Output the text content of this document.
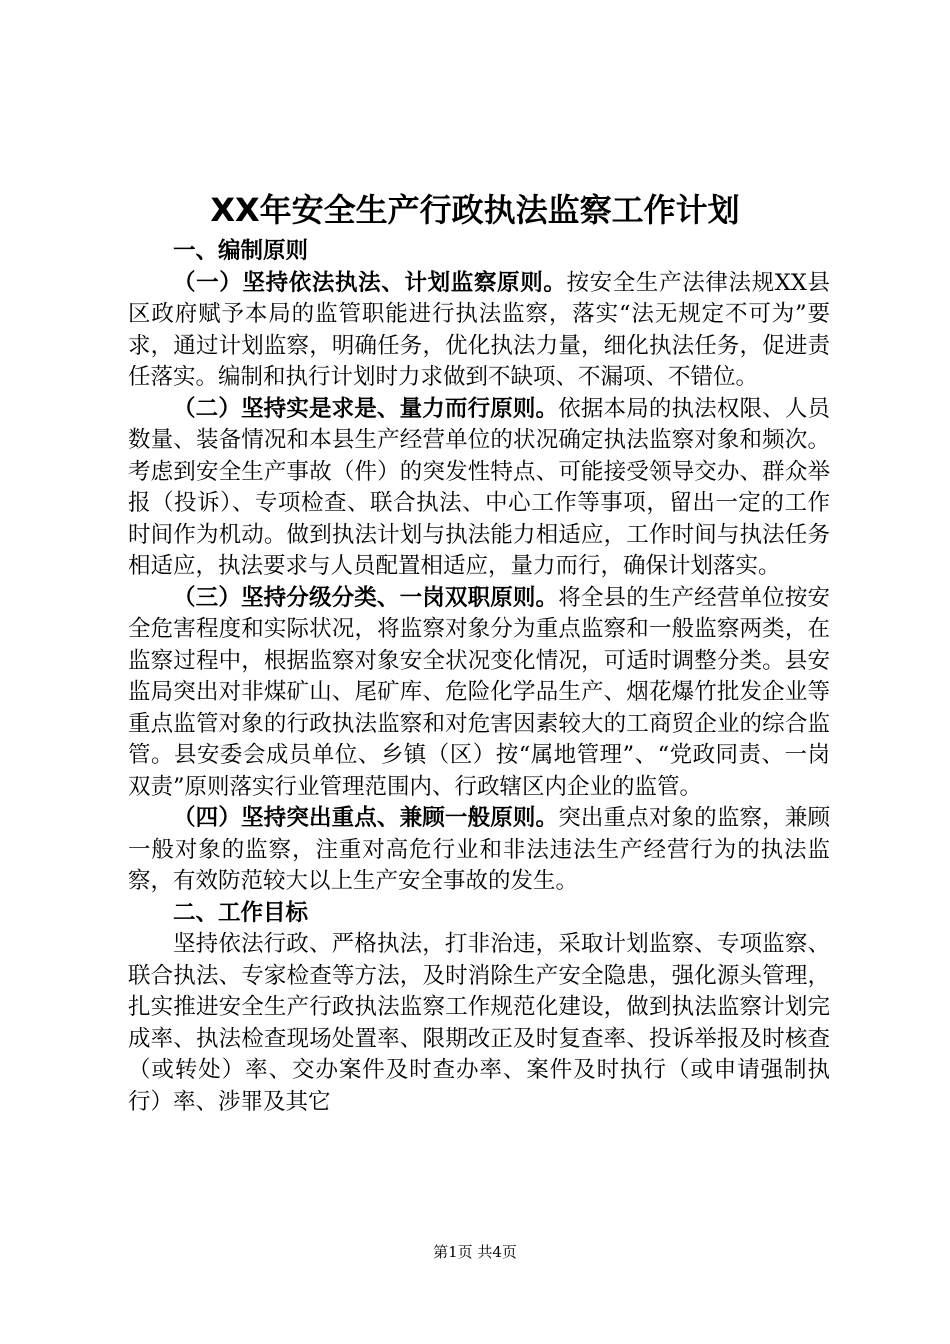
XX年安全生产行政执法监察工作计划

一、编制原则

（一）坚持依法执法、计划监察原则。按安全生产法律法规XX县区政府赋予本局的监管职能进行执法监察，落实“法无规定不可为”要求，通过计划监察，明确任务，优化执法力量，细化执法任务，促进责任落实。编制和执行计划时力求做到不缺项、不漏项、不错位。

（二）坚持实是求是、量力而行原则。依据本局的执法权限、人员数量、装备情况和本县生产经营单位的状况确定执法监察对象和频次。考虑到安全生产事故（件）的突发性特点、可能接受领导交办、群众举报（投诉）、专项检查、联合执法、中心工作等事项，留出一定的工作时间作为机动。做到执法计划与执法能力相适应，工作时间与执法任务相适应，执法要求与人员配置相适应，量力而行，确保计划落实。

（三）坚持分级分类、一岗双职原则。将全县的生产经营单位按安全危害程度和实际状况，将监察对象分为重点监察和一般监察两类，在监察过程中，根据监察对象安全状况变化情况，可适时调整分类。县安监局突出对非煤矿山、尾矿库、危险化学品生产、烟花爆竹批发企业等重点监管对象的行政执法监察和对危害因素较大的工商贸企业的综合监管。县安委会成员单位、乡镇（区）按“属地管理”、“党政同责、一岗双责”原则落实行业管理范围内、行政辖区内企业的监管。

（四）坚持突出重点、兼顾一般原则。突出重点对象的监察，兼顾一般对象的监察，注重对高危行业和非法违法生产经营行为的执法监察，有效防范较大以上生产安全事故的发生。

二、工作目标

坚持依法行政、严格执法，打非治违，采取计划监察、专项监察、联合执法、专家检查等方法，及时消除生产安全隐患，强化源头管理，扎实推进安全生产行政执法监察工作规范化建设，做到执法监察计划完成率、执法检查现场处置率、限期改正及时复查率、投诉举报及时核查（或转处）率、交办案件及时查办率、案件及时执行（或申请强制执行）率、涉罪及其它

第1页 共4页
